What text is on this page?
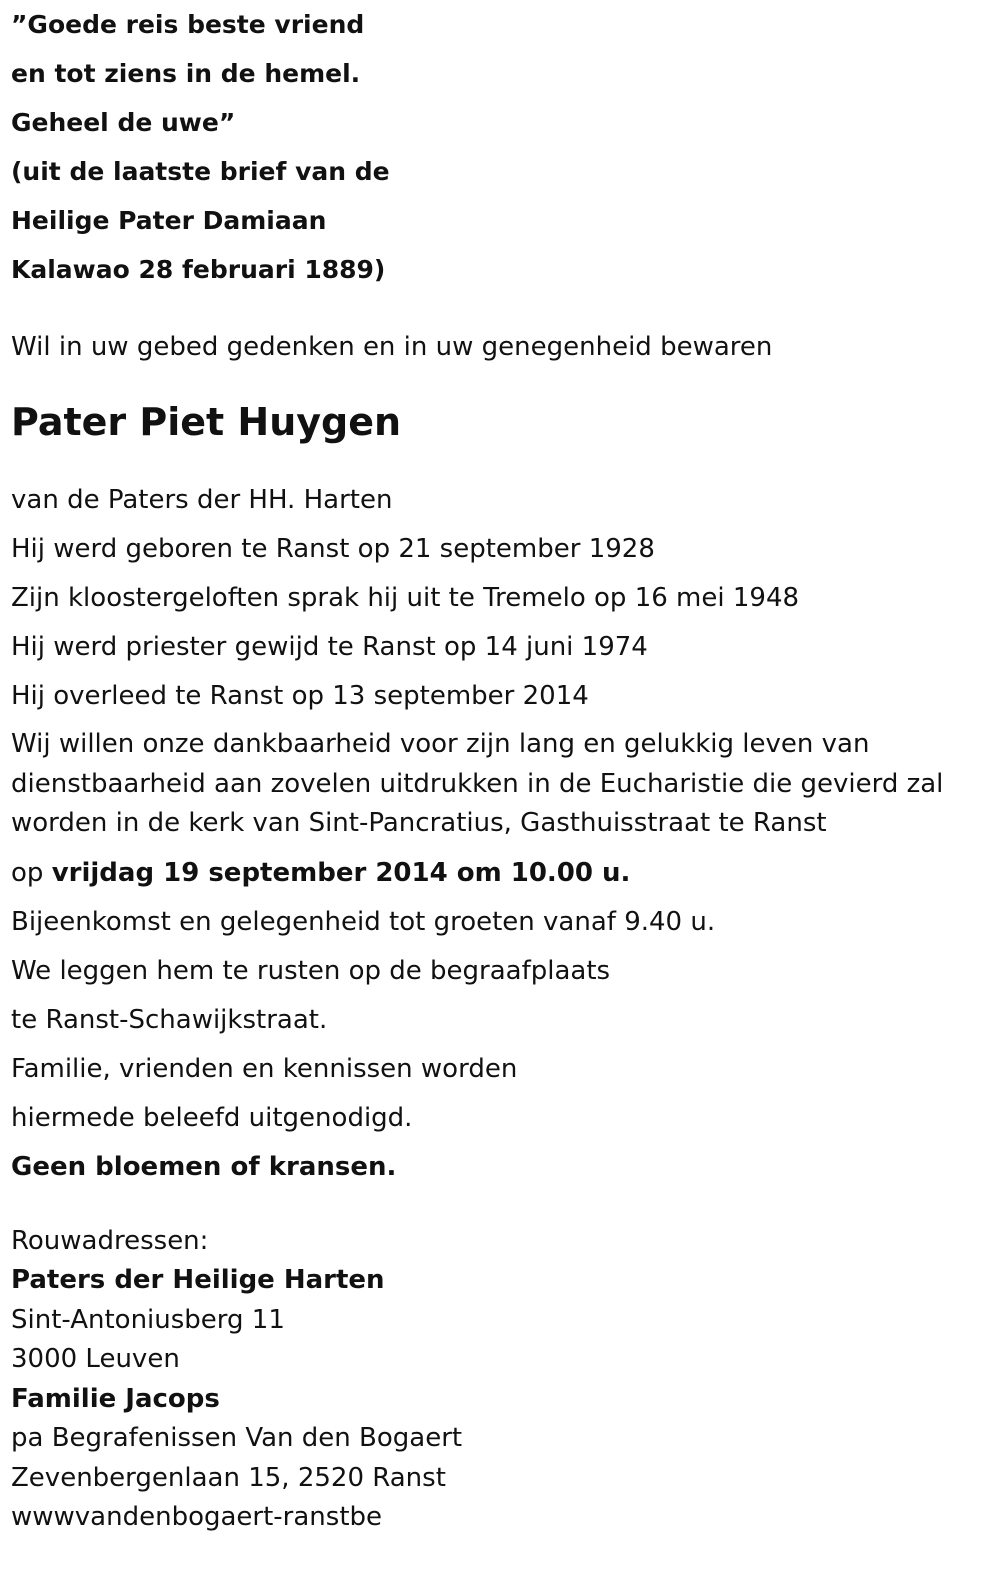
”Goede reis beste vriend
en tot ziens in de hemel.
Geheel de uwe”
(uit de laatste brief van de
Heilige Pater Damiaan
Kalawao 28 februari 1889)
Wil in uw gebed gedenken en in uw genegenheid bewaren
Pater Piet Huygen
van de Paters der HH. Harten
Hij werd geboren te Ranst op 21 september 1928
Zijn kloostergeloften sprak hij uit te Tremelo op 16 mei 1948
Hij werd priester gewijd te Ranst op 14 juni 1974
Hij overleed te Ranst op 13 september 2014
Wij willen onze dankbaarheid voor zijn lang en gelukkig leven van dienstbaarheid aan zovelen uitdrukken in de Eucharistie die gevierd zal worden in de kerk van Sint-Pancratius, Gasthuisstraat te Ranst
op vrijdag 19 september 2014 om 10.00 u.
Bijeenkomst en gelegenheid tot groeten vanaf 9.40 u.
We leggen hem te rusten op de begraafplaats
te Ranst-Schawijkstraat.
Familie, vrienden en kennissen worden
hiermede beleefd uitgenodigd.
Geen bloemen of kransen.
Rouwadressen:
Paters der Heilige Harten
Sint-Antoniusberg 11
3000 Leuven
Familie Jacops
pa Begrafenissen Van den Bogaert
Zevenbergenlaan 15, 2520 Ranst
wwwvandenbogaert-ranstbe
